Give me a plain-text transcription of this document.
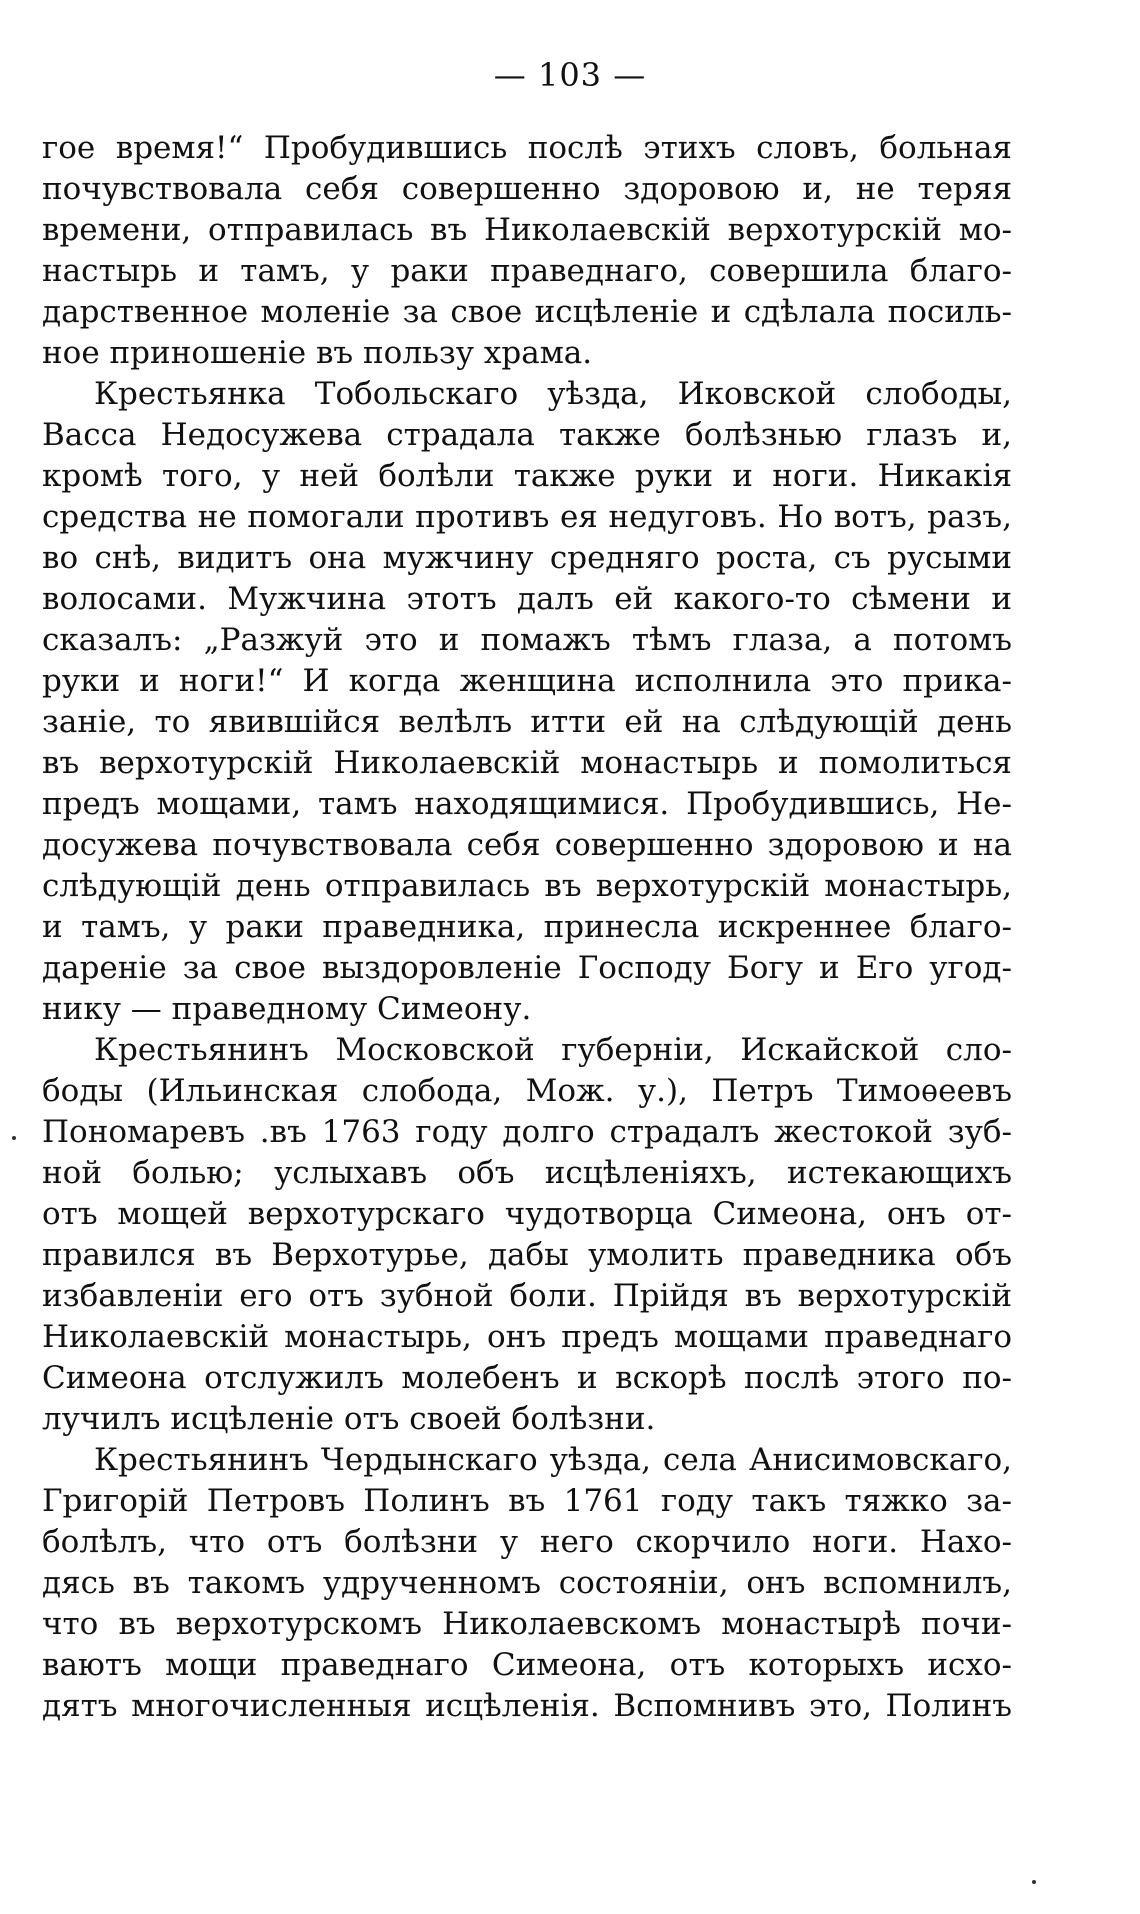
— 103 —
гое время!“ Пробудившись послѣ этихъ словъ, больная
почувствовала себя совершенно здоровою и, не теряя
времени, отправилась въ Николаевскій верхотурскій мо-
настырь и тамъ, у раки праведнаго, совершила благо-
дарственное моленіе за свое исцѣленіе и сдѣлала посиль-
ное приношеніе въ пользу храма.
Крестьянка Тобольскаго уѣзда, Иковской слободы,
Васса Недосужева страдала также болѣзнью глазъ и,
кромѣ того, у ней болѣли также руки и ноги. Никакія
средства не помогали противъ ея недуговъ. Но вотъ, разъ,
во снѣ, видитъ она мужчину средняго роста, съ русыми
волосами. Мужчина этотъ далъ ей какого-то сѣмени и
сказалъ: „Разжуй это и помажъ тѣмъ глаза, а потомъ
руки и ноги!“ И когда женщина исполнила это прика-
заніе, то явившійся велѣлъ итти ей на слѣдующій день
въ верхотурскій Николаевскій монастырь и помолиться
предъ мощами, тамъ находящимися. Пробудившись, Не-
досужева почувствовала себя совершенно здоровою и на
слѣдующій день отправилась въ верхотурскій монастырь,
и тамъ, у раки праведника, принесла искреннее благо-
дареніе за свое выздоровленіе Господу Богу и Его угод-
нику — праведному Симеону.
Крестьянинъ Московской губерніи, Искайской сло-
боды (Ильинская слобода, Мож. у.), Петръ Тимоѳеевъ
Пономаревъ .въ 1763 году долго страдалъ жестокой зуб-
ной болью; услыхавъ объ исцѣленіяхъ, истекающихъ
отъ мощей верхотурскаго чудотворца Симеона, онъ от-
правился въ Верхотурье, дабы умолить праведника объ
избавленіи его отъ зубной боли. Прійдя въ верхотурскій
Николаевскій монастырь, онъ предъ мощами праведнаго
Симеона отслужилъ молебенъ и вскорѣ послѣ этого по-
лучилъ исцѣленіе отъ своей болѣзни.
Крестьянинъ Чердынскаго уѣзда, села Анисимовскаго,
Григорій Петровъ Полинъ въ 1761 году такъ тяжко за-
болѣлъ, что отъ болѣзни у него скорчило ноги. Нахо-
дясь въ такомъ удрученномъ состояніи, онъ вспомнилъ,
что въ верхотурскомъ Николаевскомъ монастырѣ почи-
ваютъ мощи праведнаго Симеона, отъ которыхъ исхо-
дятъ многочисленныя исцѣленія. Вспомнивъ это, Полинъ
